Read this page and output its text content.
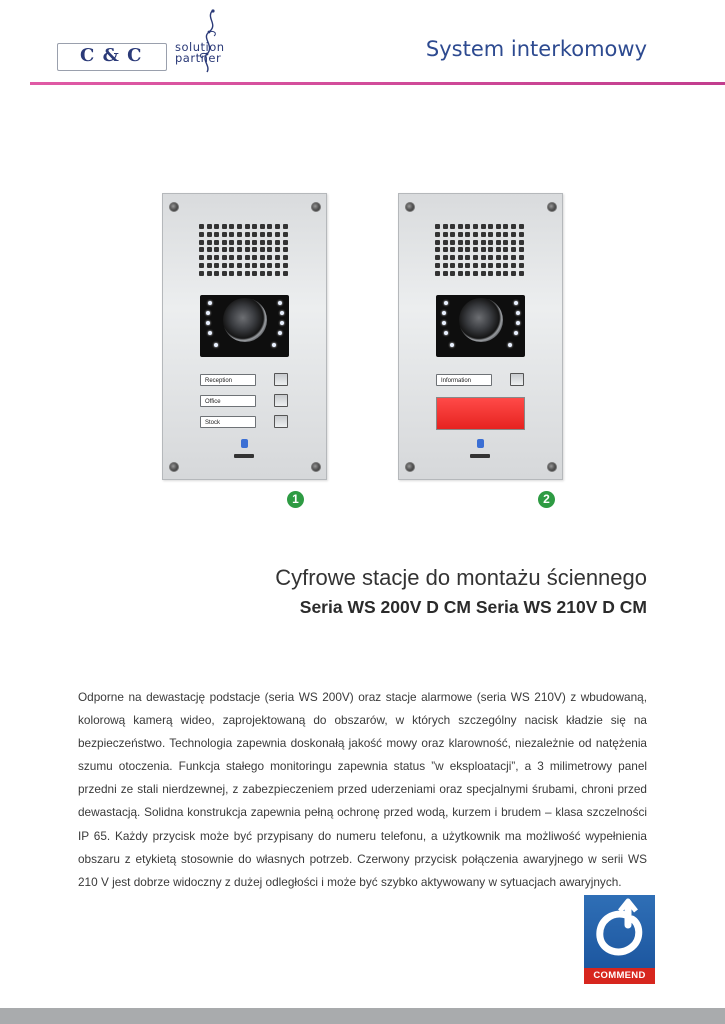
C & C	solution
partner	System interkomowy
Reception
Office
Stock
1
Information
2
Cyfrowe stacje do montażu ściennego
Seria WS 200V D CM Seria WS 210V D CM

Odporne na dewastację podstacje (seria WS 200V) oraz stacje alarmowe (seria WS 210V) z wbudowaną, kolorową kamerą wideo, zaprojektowaną do obszarów, w których szczególny nacisk kładzie się na bezpieczeństwo. Technologia zapewnia doskonałą jakość mowy oraz klarowność, niezależnie od natężenia szumu otoczenia. Funkcja stałego monitoringu zapewnia status ”w eksploatacji”, a 3 milimetrowy panel przedni ze stali nierdzewnej, z zabezpieczeniem przed uderzeniami oraz specjalnymi śrubami, chroni przed dewastacją. Solidna konstrukcja zapewnia pełną ochronę przed wodą, kurzem i brudem – klasa szczelności IP 65. Każdy przycisk może być przypisany do numeru telefonu, a użytkownik ma możliwość wypełnienia obszaru z etykietą stosownie do własnych potrzeb. Czerwony przycisk połączenia awaryjnego w serii WS 210 V jest dobrze widoczny z dużej odległości i może być szybko aktywowany w sytuacjach awaryjnych.

COMMEND
